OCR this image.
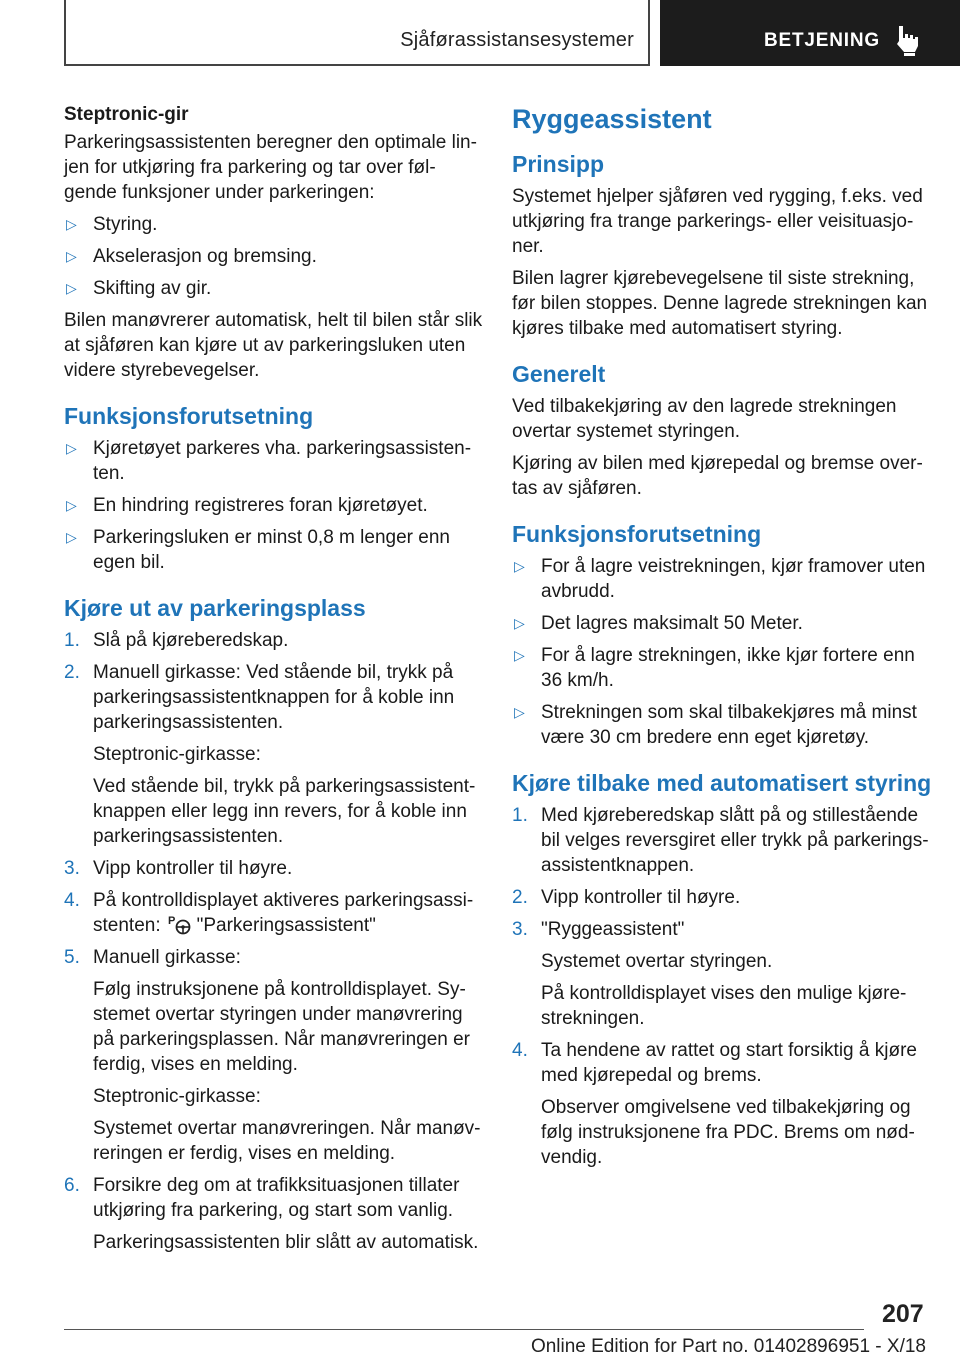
Sjåførassistansesystemer	BETJENING
Steptronic-gir
Parkeringsassistenten beregner den optimale lin-jen for utkjøring fra parkering og tar over føl-gende funksjoner under parkeringen:
▷ Styring.
▷ Akselerasjon og bremsing.
▷ Skifting av gir.
Bilen manøvrerer automatisk, helt til bilen står slik at sjåføren kan kjøre ut av parkeringsluken uten videre styrebevegelser.
Funksjonsforutsetning
▷ Kjøretøyet parkeres vha. parkeringsassisten-ten.
▷ En hindring registreres foran kjøretøyet.
▷ Parkeringsluken er minst 0,8 m lenger enn egen bil.
Kjøre ut av parkeringsplass
1. Slå på kjøreberedskap.
2. Manuell girkasse: Ved stående bil, trykk på parkeringsassistentknappen for å koble inn parkeringsassistenten.
Steptronic-girkasse:
Ved stående bil, trykk på parkeringsassistent-knappen eller legg inn revers, for å koble inn parkeringsassistenten.
3. Vipp kontroller til høyre.
4. På kontrolldisplayet aktiveres parkeringsassi-stenten: P "Parkeringsassistent"
5. Manuell girkasse:
Følg instruksjonene på kontrolldisplayet. Sy-stemet overtar styringen under manøvrering på parkeringsplassen. Når manøvreringen er ferdig, vises en melding.
Steptronic-girkasse:
Systemet overtar manøvreringen. Når manøv-reringen er ferdig, vises en melding.
6. Forsikre deg om at trafikksituasjonen tillater utkjøring fra parkering, og start som vanlig.
Parkeringsassistenten blir slått av automatisk.
Ryggeassistent
Prinsipp
Systemet hjelper sjåføren ved rygging, f.eks. ved utkjøring fra trange parkerings- eller veisituasjo-ner.
Bilen lagrer kjørebevegelsene til siste strekning, før bilen stoppes. Denne lagrede strekningen kan kjøres tilbake med automatisert styring.
Generelt
Ved tilbakekjøring av den lagrede strekningen overtar systemet styringen.
Kjøring av bilen med kjørepedal og bremse over-tas av sjåføren.
Funksjonsforutsetning
▷ For å lagre veistrekningen, kjør framover uten avbrudd.
▷ Det lagres maksimalt 50 Meter.
▷ For å lagre strekningen, ikke kjør fortere enn 36 km/h.
▷ Strekningen som skal tilbakekjøres må minst være 30 cm bredere enn eget kjøretøy.
Kjøre tilbake med automatisert styring
1. Med kjøreberedskap slått på og stillestående bil velges reversgiret eller trykk på parkerings-assistentknappen.
2. Vipp kontroller til høyre.
3. "Ryggeassistent"
Systemet overtar styringen.
På kontrolldisplayet vises den mulige kjøre-strekningen.
4. Ta hendene av rattet og start forsiktig å kjøre med kjørepedal og brems.
Observer omgivelsene ved tilbakekjøring og følg instruksjonene fra PDC. Brems om nød-vendig.
207
Online Edition for Part no. 01402896951 - X/18
